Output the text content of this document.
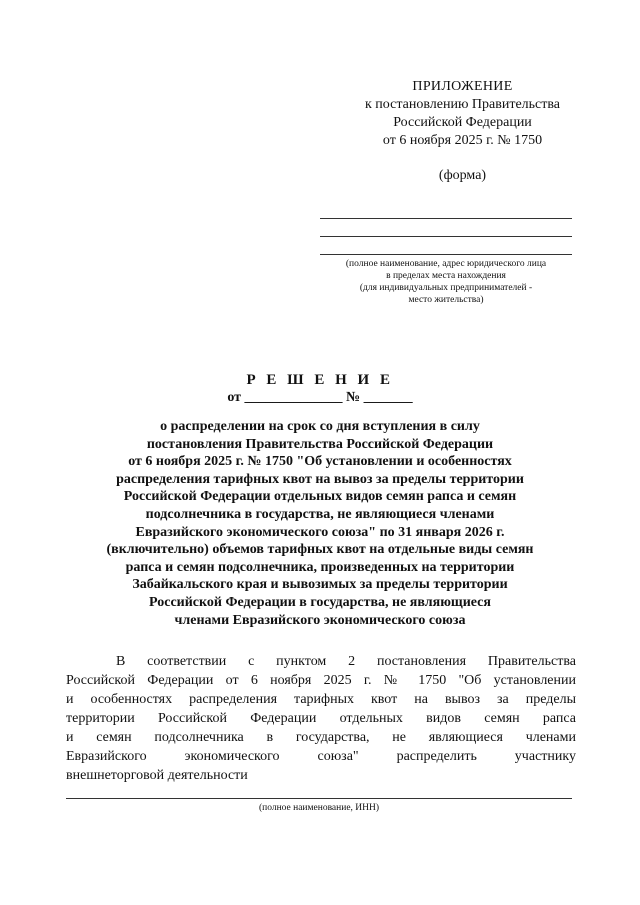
ПРИЛОЖЕНИЕ
к постановлению Правительства
Российской Федерации
от 6 ноября 2025 г. № 1750
(форма)
(полное наименование, адрес юридического лица
в пределах места нахождения
(для индивидуальных предпринимателей -
место жительства)
Р Е Ш Е Н И Е
от ______________ № _______
о распределении на срок со дня вступления в силу
постановления Правительства Российской Федерации
от 6 ноября 2025 г. № 1750 "Об установлении и особенностях
распределения тарифных квот на вывоз за пределы территории
Российской Федерации отдельных видов семян рапса и семян
подсолнечника в государства, не являющиеся членами
Евразийского экономического союза" по 31 января 2026 г.
(включительно) объемов тарифных квот на отдельные виды семян
рапса и семян подсолнечника, произведенных на территории
Забайкальского края и вывозимых за пределы территории
Российской Федерации в государства, не являющиеся
членами Евразийского экономического союза
В соответствии с пунктом 2 постановления Правительства
Российской Федерации от 6 ноября 2025 г. № 1750 "Об установлении
и особенностях распределения тарифных квот на вывоз за пределы
территории Российской Федерации отдельных видов семян рапса
и семян подсолнечника в государства, не являющиеся членами
Евразийского экономического союза" распределить участнику
внешнеторговой деятельности
(полное наименование, ИНН)
